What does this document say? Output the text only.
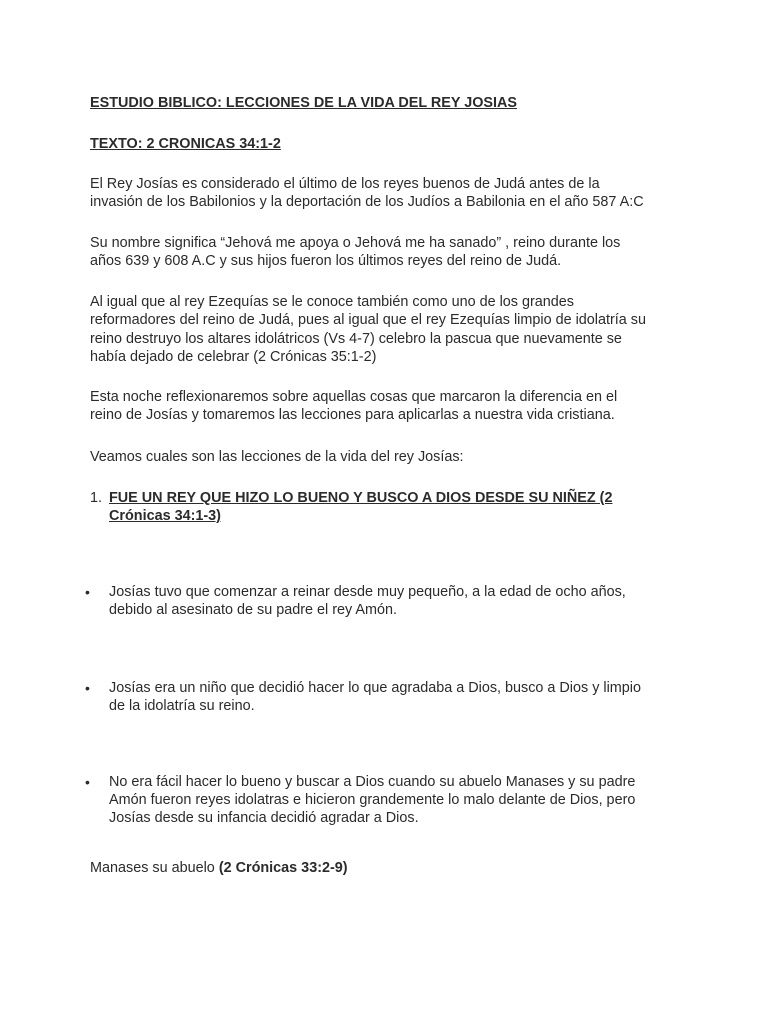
ESTUDIO BIBLICO: LECCIONES DE LA VIDA DEL REY JOSIAS

TEXTO: 2 CRONICAS 34:1-2

El Rey Josías es considerado el último de los reyes buenos de Judá antes de la
invasión de los Babilonios y la deportación de los Judíos a Babilonia en el año 587 A:C
Su nombre significa “Jehová me apoya o Jehová me ha sanado” , reino durante los
años 639 y 608 A.C y sus hijos fueron los últimos reyes del reino de Judá.
Al igual que al rey Ezequías se le conoce también como uno de los grandes
reformadores del reino de Judá, pues al igual que el rey Ezequías limpio de idolatría su
reino destruyo los altares idolátricos (Vs 4-7) celebro la pascua que nuevamente se
había dejado de celebrar (2 Crónicas 35:1-2)
Esta noche reflexionaremos sobre aquellas cosas que marcaron la diferencia en el
reino de Josías y tomaremos las lecciones para aplicarlas a nuestra vida cristiana.
Veamos cuales son las lecciones de la vida del rey Josías:
1. FUE UN REY QUE HIZO LO BUENO Y BUSCO A DIOS DESDE SU NIÑEZ (2
Crónicas 34:1-3)
• Josías tuvo que comenzar a reinar desde muy pequeño, a la edad de ocho años,
debido al asesinato de su padre el rey Amón.
• Josías era un niño que decidió hacer lo que agradaba a Dios, busco a Dios y limpio
de la idolatría su reino.
• No era fácil hacer lo bueno y buscar a Dios cuando su abuelo Manases y su padre
Amón fueron reyes idolatras e hicieron grandemente lo malo delante de Dios, pero
Josías desde su infancia decidió agradar a Dios.
Manases su abuelo (2 Crónicas 33:2-9)
